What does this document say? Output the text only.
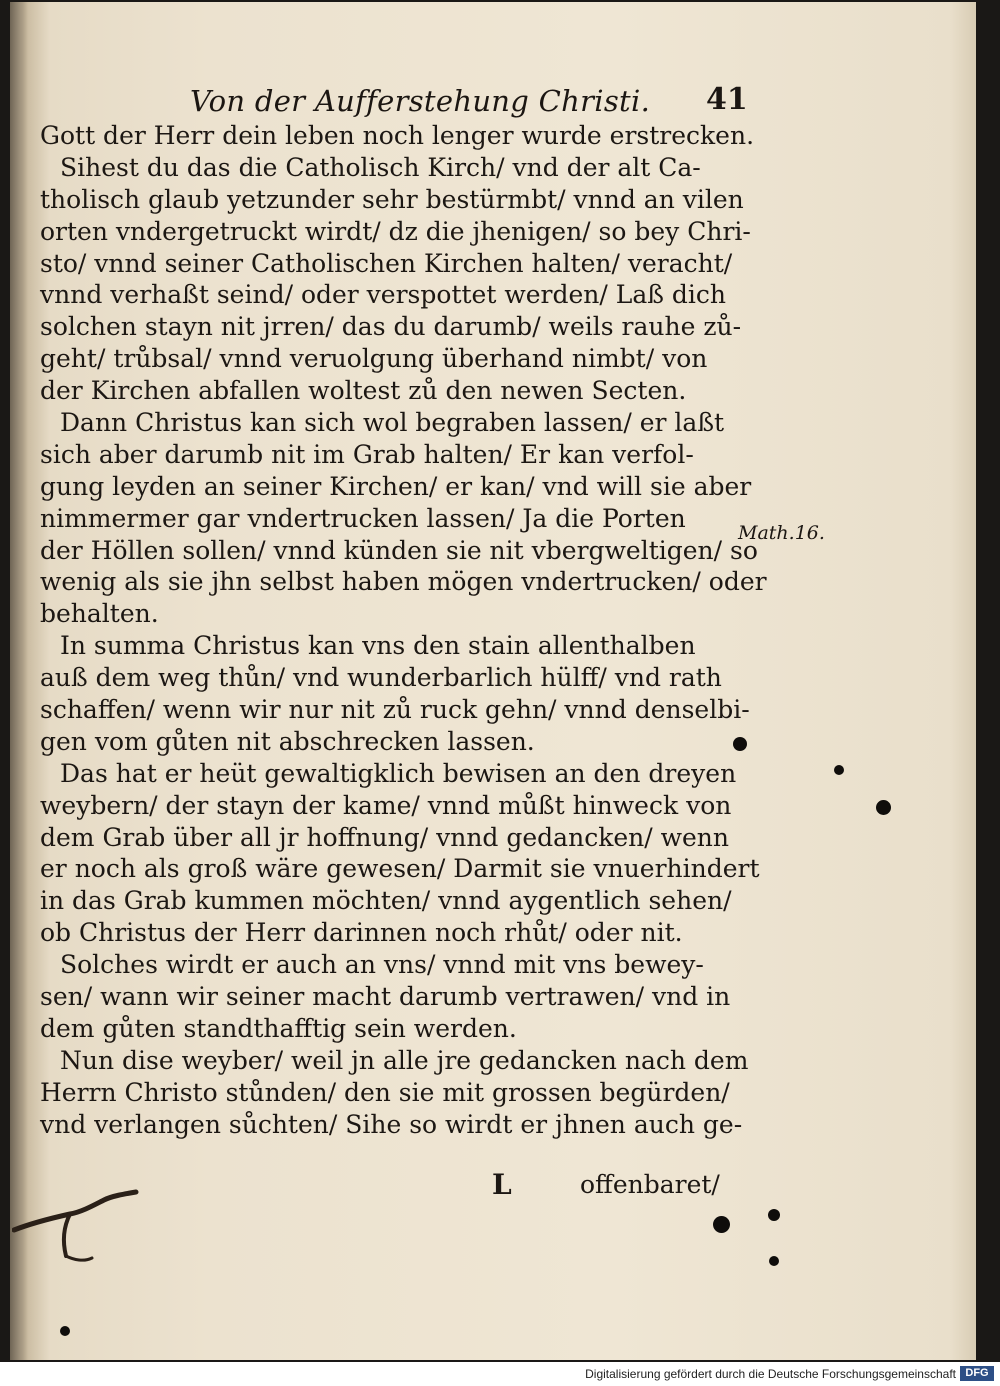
Von der Aufferstehung Christi. 41
Gott der Herr dein leben noch lenger wurde erstrecken.
Sihest du das die Catholisch Kirch/ vnd der alt Ca-
tholisch glaub yetzunder sehr bestürmbt/ vnnd an vilen
orten vndergetruckt wirdt/ dz die jhenigen/ so bey Chri-
sto/ vnnd seiner Catholischen Kirchen halten/ veracht/
vnnd verhaßt seind/ oder verspottet werden/ Laß dich
solchen stayn nit jrren/ das du darumb/ weils rauhe zů-
geht/ trůbsal/ vnnd veruolgung überhand nimbt/ von
der Kirchen abfallen woltest zů den newen Secten.
Dann Christus kan sich wol begraben lassen/ er laßt
sich aber darumb nit im Grab halten/ Er kan verfol-
gung leyden an seiner Kirchen/ er kan/ vnd will sie aber
nimmermer gar vndertrucken lassen/ Ja die Porten
der Höllen sollen/ vnnd künden sie nit vbergweltigen/ so
wenig als sie jhn selbst haben mögen vndertrucken/ oder
behalten.
In summa Christus kan vns den stain allenthalben
auß dem weg thůn/ vnd wunderbarlich hülff/ vnd rath
schaffen/ wenn wir nur nit zů ruck gehn/ vnnd denselbi-
gen vom gůten nit abschrecken lassen.
Das hat er heüt gewaltigklich bewisen an den dreyen
weybern/ der stayn der kame/ vnnd můßt hinweck von
dem Grab über all jr hoffnung/ vnnd gedancken/ wenn
er noch als groß wäre gewesen/ Darmit sie vnuerhindert
in das Grab kummen möchten/ vnnd aygentlich sehen/
ob Christus der Herr darinnen noch rhůt/ oder nit.
Solches wirdt er auch an vns/ vnnd mit vns bewey-
sen/ wann wir seiner macht darumb vertrawen/ vnd in
dem gůten standthafftig sein werden.
Nun dise weyber/ weil jn alle jre gedancken nach dem
Herrn Christo stůnden/ den sie mit grossen begürden/
vnd verlangen sůchten/ Sihe so wirdt er jhnen auch ge-
Math.16.
L	offenbaret/
Digitalisierung gefördert durch die Deutsche Forschungsgemeinschaft DFG
